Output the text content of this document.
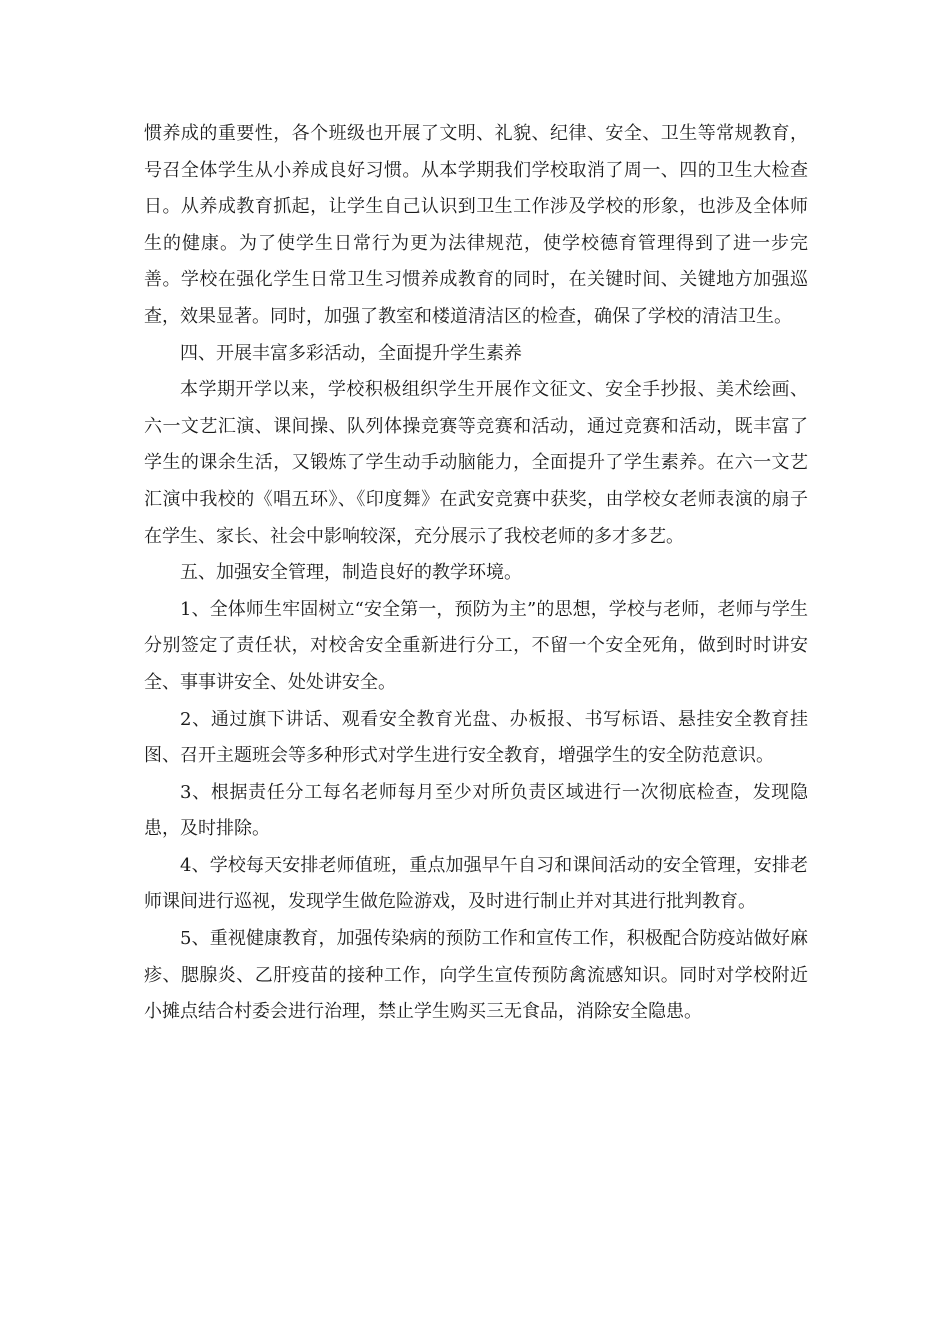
惯养成的重要性，各个班级也开展了文明、礼貌、纪律、安全、卫生等常规教育，号召全体学生从小养成良好习惯。从本学期我们学校取消了周一、四的卫生大检查日。从养成教育抓起，让学生自己认识到卫生工作涉及学校的形象，也涉及全体师生的健康。为了使学生日常行为更为法律规范，使学校德育管理得到了进一步完善。学校在强化学生日常卫生习惯养成教育的同时，在关键时间、关键地方加强巡查，效果显著。同时，加强了教室和楼道清洁区的检查，确保了学校的清洁卫生。

四、开展丰富多彩活动，全面提升学生素养

本学期开学以来，学校积极组织学生开展作文征文、安全手抄报、美术绘画、六一文艺汇演、课间操、队列体操竞赛等竞赛和活动，通过竞赛和活动，既丰富了学生的课余生活，又锻炼了学生动手动脑能力，全面提升了学生素养。在六一文艺汇演中我校的《唱五环》、《印度舞》在武安竞赛中获奖，由学校女老师表演的扇子在学生、家长、社会中影响较深，充分展示了我校老师的多才多艺。

五、加强安全管理，制造良好的教学环境。

1、全体师生牢固树立“安全第一，预防为主”的思想，学校与老师，老师与学生分别签定了责任状，对校舍安全重新进行分工，不留一个安全死角，做到时时讲安全、事事讲安全、处处讲安全。

2、通过旗下讲话、观看安全教育光盘、办板报、书写标语、悬挂安全教育挂图、召开主题班会等多种形式对学生进行安全教育，增强学生的安全防范意识。

3、根据责任分工每名老师每月至少对所负责区域进行一次彻底检查，发现隐患，及时排除。

4、学校每天安排老师值班，重点加强早午自习和课间活动的安全管理，安排老师课间进行巡视，发现学生做危险游戏，及时进行制止并对其进行批判教育。

5、重视健康教育，加强传染病的预防工作和宣传工作，积极配合防疫站做好麻疹、腮腺炎、乙肝疫苗的接种工作，向学生宣传预防禽流感知识。同时对学校附近小摊点结合村委会进行治理，禁止学生购买三无食品，消除安全隐患。
